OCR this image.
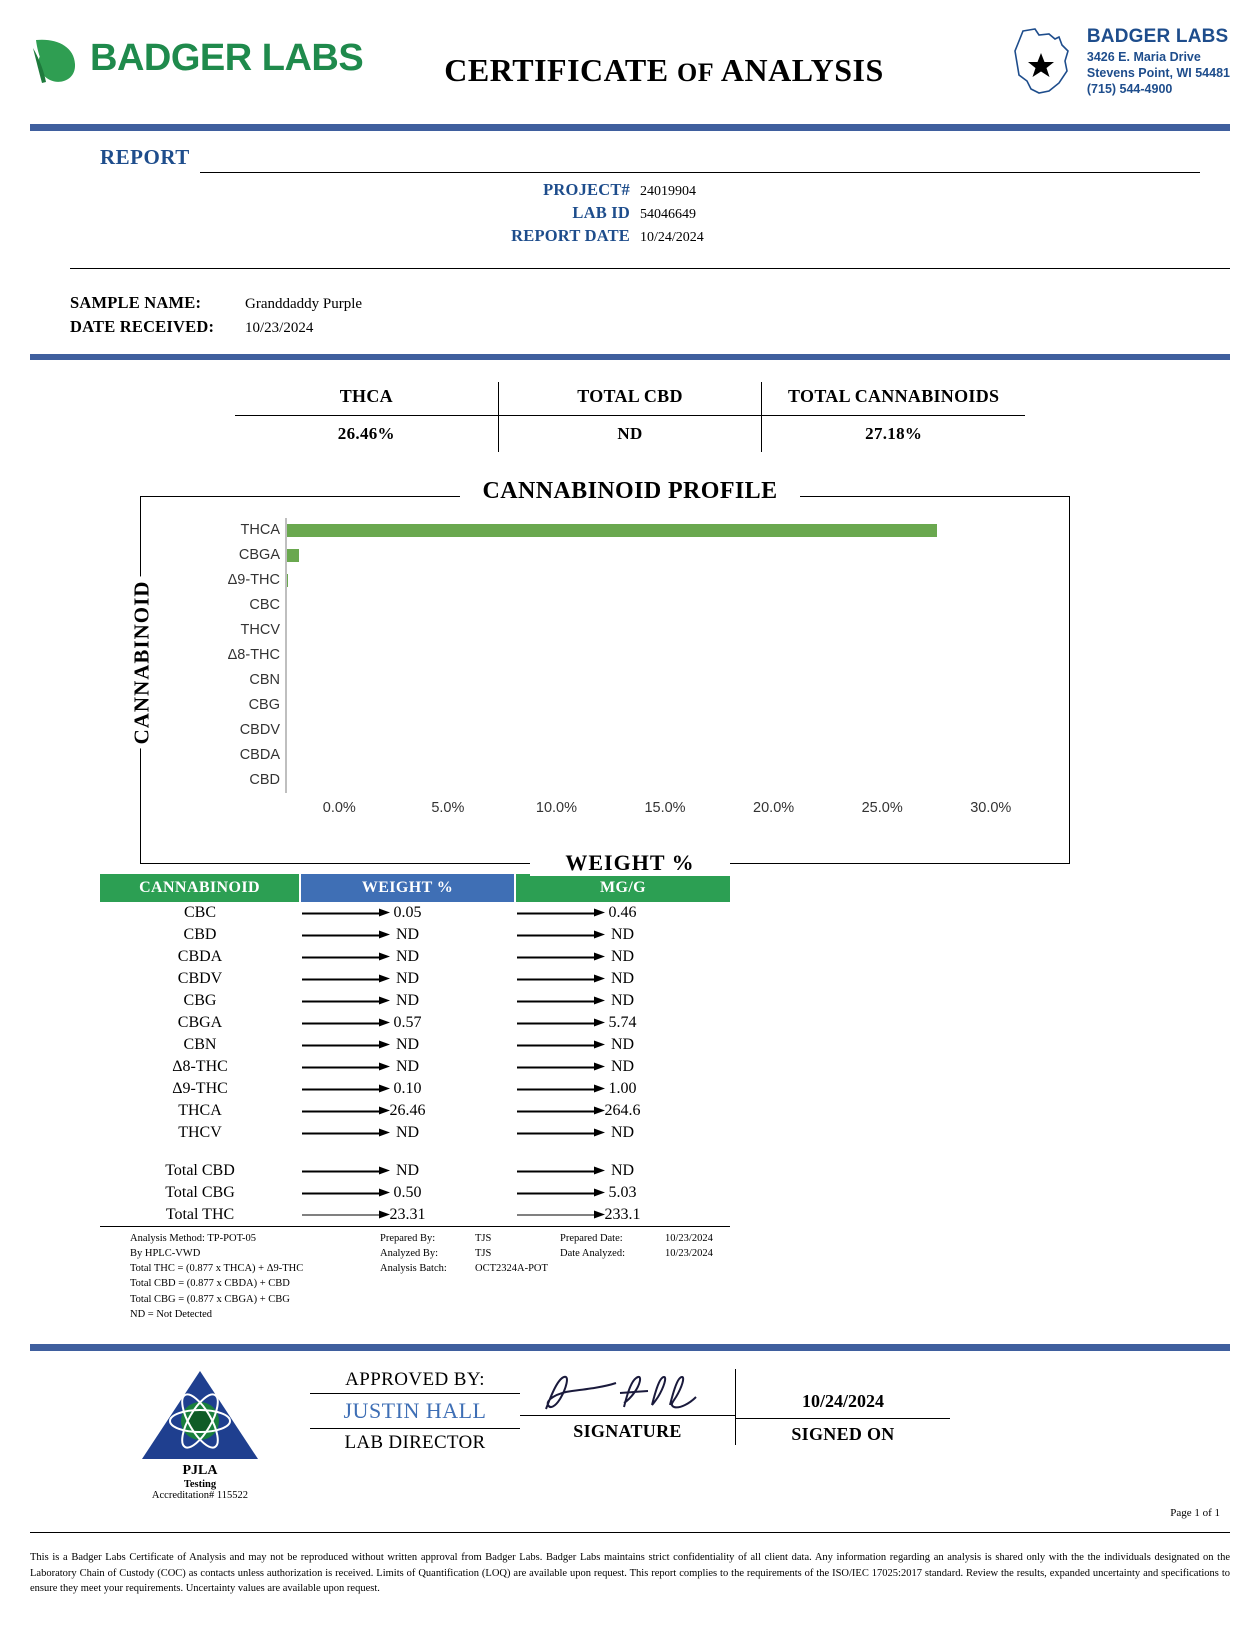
BADGER LABS	CERTIFICATE OF ANALYSIS
BADGER LABS
3426 E. Maria Drive
Stevens Point, WI 54481
(715) 544-4900
REPORT
PROJECT# 24019904
LAB ID 54046649
REPORT DATE 10/24/2024
SAMPLE NAME:	Granddaddy Purple
DATE RECEIVED:	10/23/2024
THCA	TOTAL CBD	TOTAL CANNABINOIDS
26.46%	ND	27.18%
CANNABINOID PROFILE
CANNABINOID
THCA
CBGA
Δ9-THC
CBC
THCV
Δ8-THC
CBN
CBG
CBDV
CBDA
CBD
0.0%	5.0%	10.0%	15.0%	20.0%	25.0%	30.0%
WEIGHT %
CANNABINOID	WEIGHT %	MG/G
CBC	0.05	0.46
CBD	ND	ND
CBDA	ND	ND
CBDV	ND	ND
CBG	ND	ND
CBGA	0.57	5.74
CBN	ND	ND
Δ8-THC	ND	ND
Δ9-THC	0.10	1.00
THCA	26.46	264.6
THCV	ND	ND

Total CBD	ND	ND
Total CBG	0.50	5.03
Total THC	23.31	233.1
Analysis Method: TP-POT-05
By HPLC-VWD
Total THC = (0.877 x THCA) + Δ9-THC
Total CBD = (0.877 x CBDA) + CBD
Total CBG = (0.877 x CBGA) + CBG
ND = Not Detected
Prepared By:	TJS	Prepared Date:	10/23/2024
Analyzed By:	TJS	Date Analyzed:	10/23/2024
Analysis Batch:	OCT2324A-POT
PJLA
Testing
Accreditation# 115522
APPROVED BY:
JUSTIN HALL
LAB DIRECTOR
SIGNATURE
10/24/2024
SIGNED ON
Page 1 of 1
This is a Badger Labs Certificate of Analysis and may not be reproduced without written approval from Badger Labs. Badger Labs maintains strict confidentiality of all client data. Any information regarding an analysis is shared only with the the individuals designated on the Laboratory Chain of Custody (COC) as contacts unless authorization is received. Limits of Quantification (LOQ) are available upon request. This report complies to the requirements of the ISO/IEC 17025:2017 standard. Review the results, expanded uncertainty and specifications to ensure they meet your requirements. Uncertainty values are available upon request.
